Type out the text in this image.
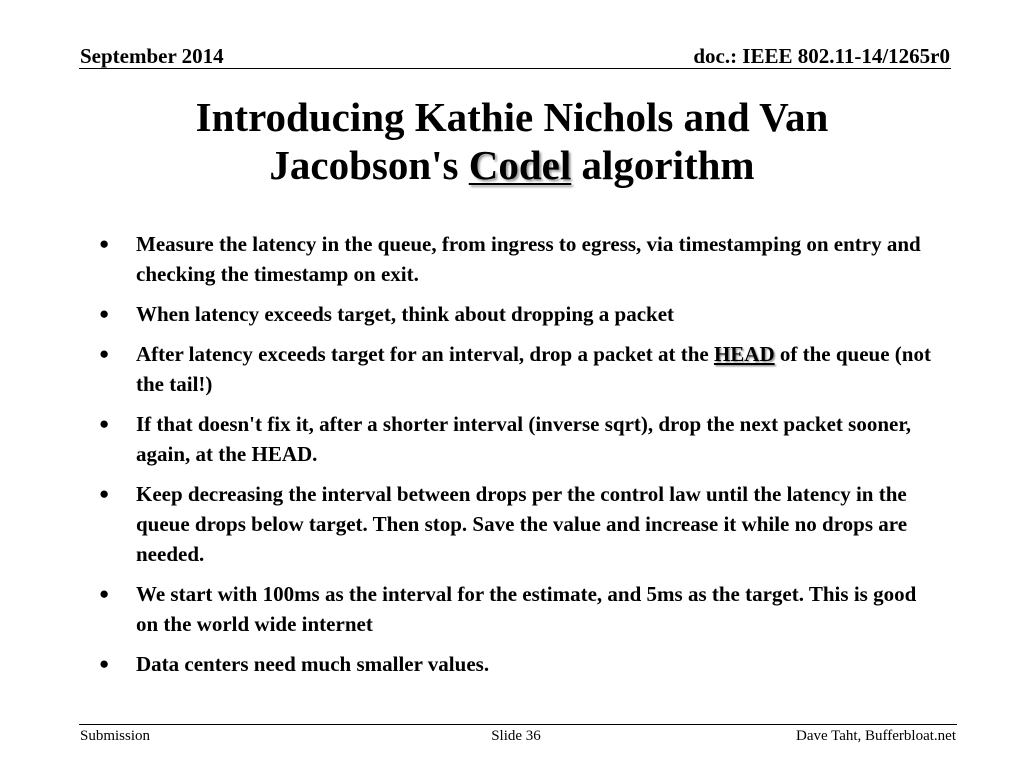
September 2014	doc.: IEEE 802.11-14/1265r0
Introducing Kathie Nichols and Van
Jacobson's Codel algorithm
● Measure the latency in the queue, from ingress to egress, via timestamping on entry and checking the timestamp on exit.
● When latency exceeds target, think about dropping a packet
● After latency exceeds target for an interval, drop a packet at the HEAD of the queue (not the tail!)
● If that doesn't fix it, after a shorter interval (inverse sqrt), drop the next packet sooner, again, at the HEAD.
● Keep decreasing the interval between drops per the control law until the latency in the queue drops below target. Then stop. Save the value and increase it while no drops are needed.
● We start with 100ms as the interval for the estimate, and 5ms as the target. This is good on the world wide internet
● Data centers need much smaller values.
Submission	Slide 36	Dave Taht, Bufferbloat.net
